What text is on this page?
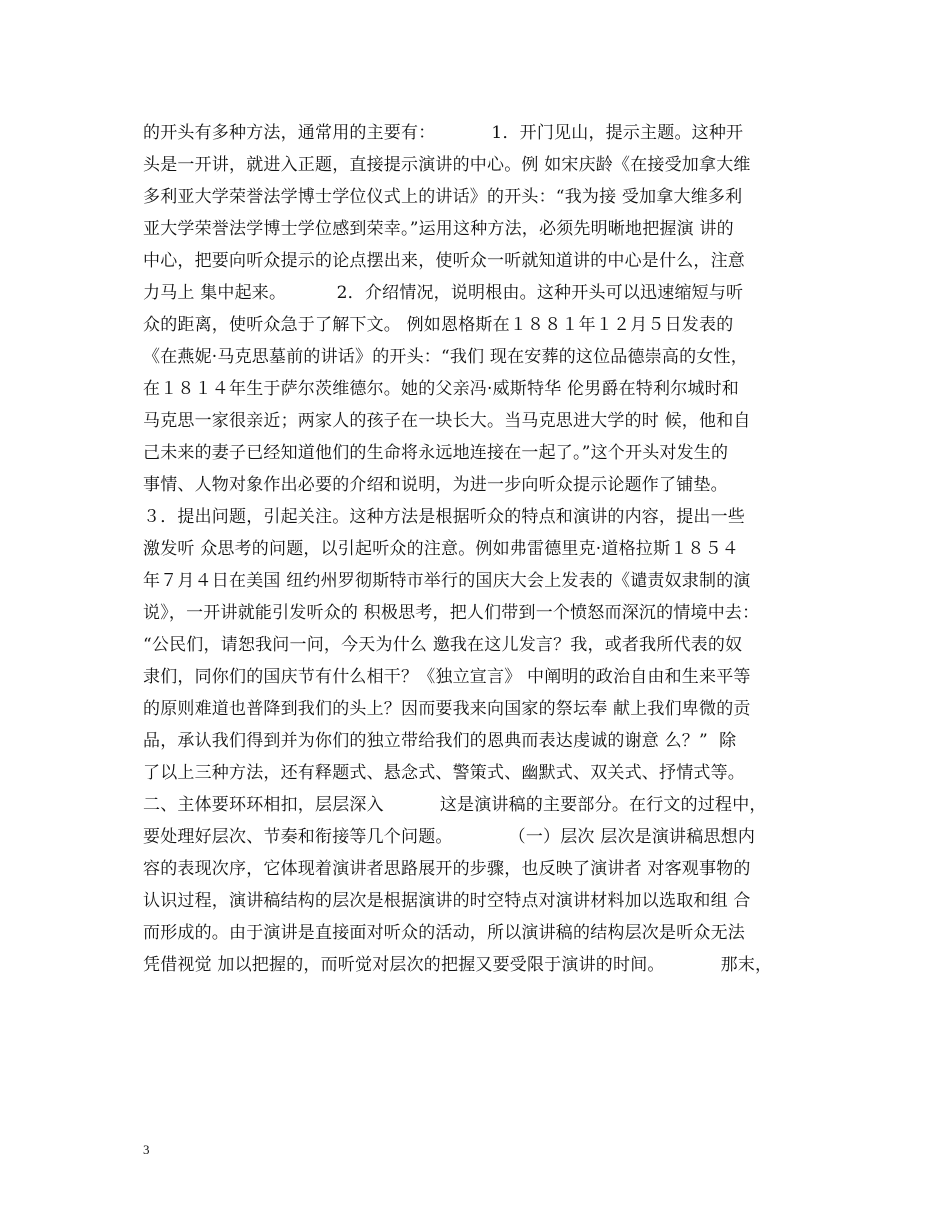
的开头有多种方法，通常用的主要有：          1．开门见山，提示主题。这种开
头是一开讲，就进入正题，直接提示演讲的中心。例 如宋庆龄《在接受加拿大维
多利亚大学荣誉法学博士学位仪式上的讲话》的开头：“我为接 受加拿大维多利
亚大学荣誉法学博士学位感到荣幸。”运用这种方法，必须先明晰地把握演 讲的
中心，把要向听众提示的论点摆出来，使听众一听就知道讲的中心是什么，注意
力马上 集中起来。         2．介绍情况，说明根由。这种开头可以迅速缩短与听
众的距离，使听众急于了解下文。 例如恩格斯在１８８１年１２月５日发表的
《在燕妮·马克思墓前的讲话》的开头：“我们 现在安葬的这位品德崇高的女性，
在１８１４年生于萨尔茨维德尔。她的父亲冯·威斯特华 伦男爵在特利尔城时和
马克思一家很亲近；两家人的孩子在一块长大。当马克思进大学的时 候，他和自
己未来的妻子已经知道他们的生命将永远地连接在一起了。”这个开头对发生的
事情、人物对象作出必要的介绍和说明，为进一步向听众提示论题作了铺垫。
３．提出问题，引起关注。这种方法是根据听众的特点和演讲的内容，提出一些
激发听 众思考的问题，以引起听众的注意。例如弗雷德里克·道格拉斯１８５４
年７月４日在美国 纽约州罗彻斯特市举行的国庆大会上发表的《谴责奴隶制的演
说》，一开讲就能引发听众的 积极思考，把人们带到一个愤怒而深沉的情境中去：
“公民们，请恕我问一问，今天为什么 邀我在这儿发言？我，或者我所代表的奴
隶们，同你们的国庆节有什么相干？《独立宣言》 中阐明的政治自由和生来平等
的原则难道也普降到我们的头上？因而要我来向国家的祭坛奉 献上我们卑微的贡
品，承认我们得到并为你们的独立带给我们的恩典而表达虔诚的谢意 么？”  除
了以上三种方法，还有释题式、悬念式、警策式、幽默式、双关式、抒情式等。
二、主体要环环相扣，层层深入          这是演讲稿的主要部分。在行文的过程中，
要处理好层次、节奏和衔接等几个问题。          （一）层次 层次是演讲稿思想内
容的表现次序，它体现着演讲者思路展开的步骤，也反映了演讲者 对客观事物的
认识过程，演讲稿结构的层次是根据演讲的时空特点对演讲材料加以选取和组 合
而形成的。由于演讲是直接面对听众的活动，所以演讲稿的结构层次是听众无法
凭借视觉 加以把握的，而听觉对层次的把握又要受限于演讲的时间。          那末，
3
